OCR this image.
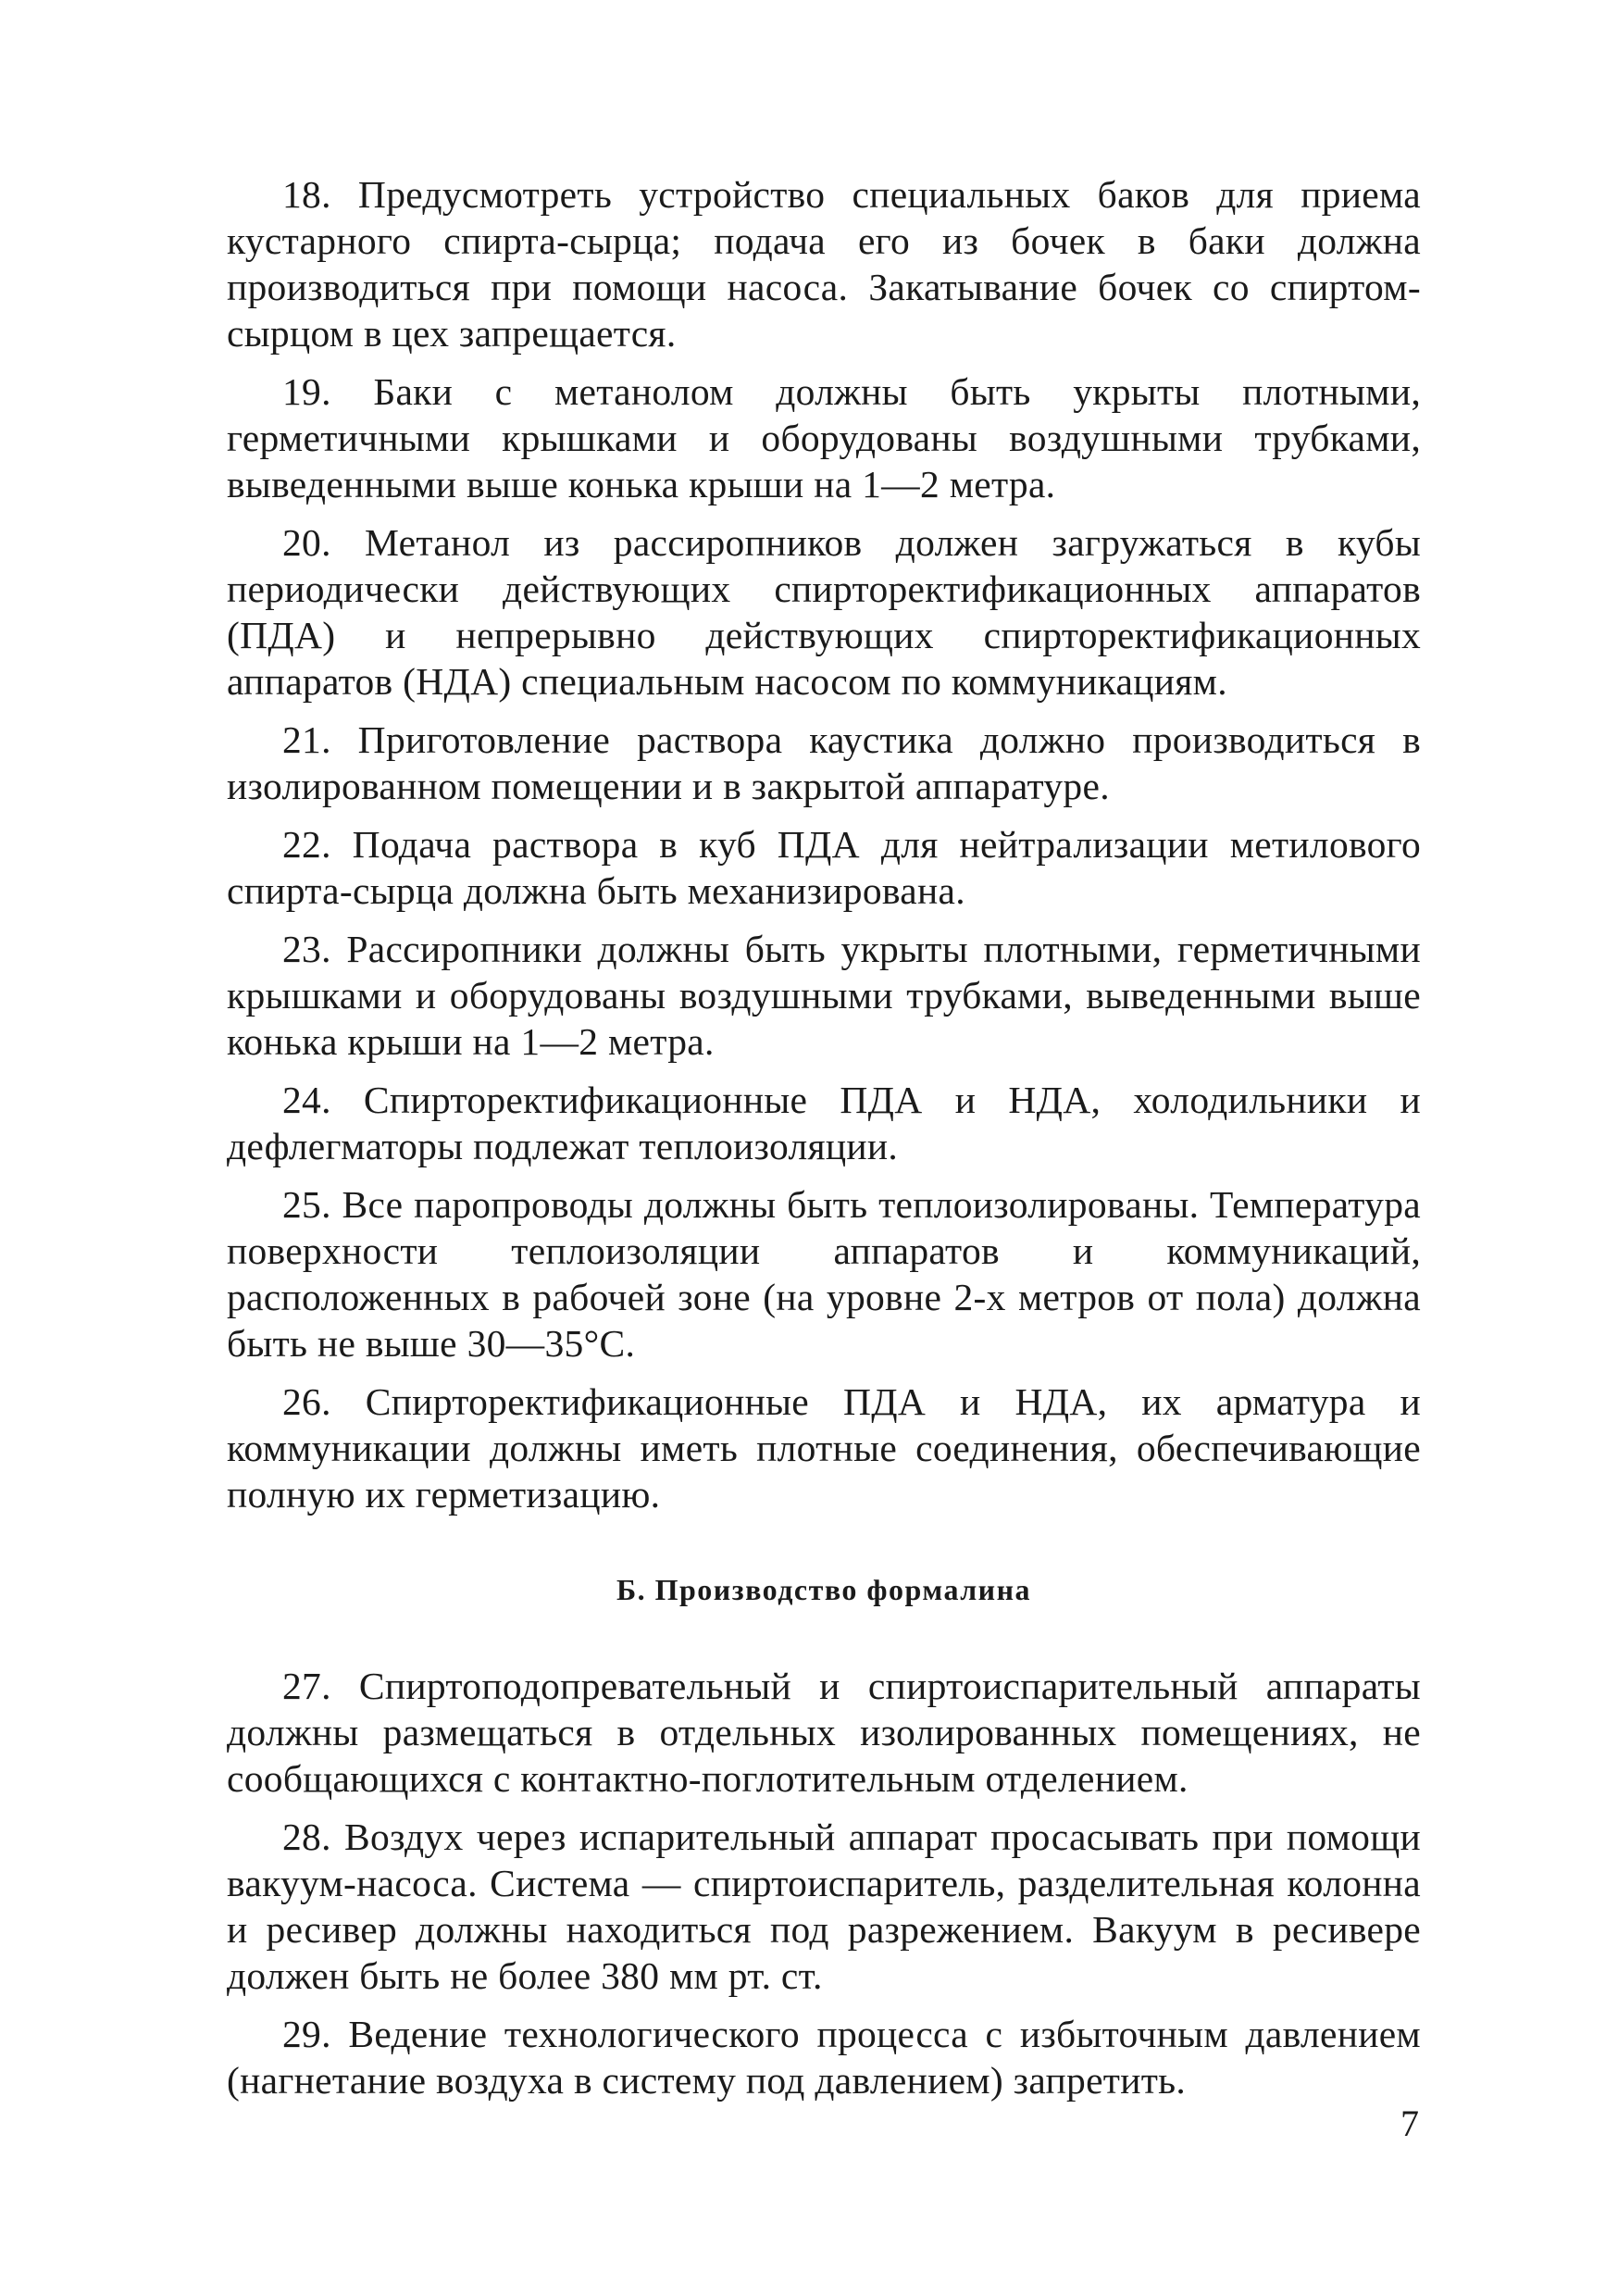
18. Предусмотреть устройство специальных баков для приема кустарного спирта-сырца; подача его из бочек в баки должна производиться при помощи насоса. Закатывание бочек со спиртом-сырцом в цех запрещается.

19. Баки с метанолом должны быть укрыты плотными, герметичными крышками и оборудованы воздушными трубками, выведенными выше конька крыши на 1—2 метра.

20. Метанол из рассиропников должен загружаться в кубы периодически действующих спирторектификационных аппаратов (ПДА) и непрерывно действующих спирторектификационных аппаратов (НДА) специальным насосом по коммуникациям.

21. Приготовление раствора каустика должно производиться в изолированном помещении и в закрытой аппаратуре.

22. Подача раствора в куб ПДА для нейтрализации метилового спирта-сырца должна быть механизирована.

23. Рассиропники должны быть укрыты плотными, герметичными крышками и оборудованы воздушными трубками, выведенными выше конька крыши на 1—2 метра.

24. Спирторектификационные ПДА и НДА, холодильники и дефлегматоры подлежат теплоизоляции.

25. Все паропроводы должны быть теплоизолированы. Температура поверхности теплоизоляции аппаратов и коммуникаций, расположенных в рабочей зоне (на уровне 2-х метров от пола) должна быть не выше 30—35°С.

26. Спирторектификационные ПДА и НДА, их арматура и коммуникации должны иметь плотные соединения, обеспечивающие полную их герметизацию.

Б. Производство формалина

27. Спиртоподопревательный и спиртоиспарительный аппараты должны размещаться в отдельных изолированных помещениях, не сообщающихся с контактно-поглотительным отделением.

28. Воздух через испарительный аппарат просасывать при помощи вакуум-насоса. Система — спиртоиспаритель, разделительная колонна и ресивер должны находиться под разрежением. Вакуум в ресивере должен быть не более 380 мм рт. ст.

29. Ведение технологического процесса с избыточным давлением (нагнетание воздуха в систему под давлением) запретить.

7
